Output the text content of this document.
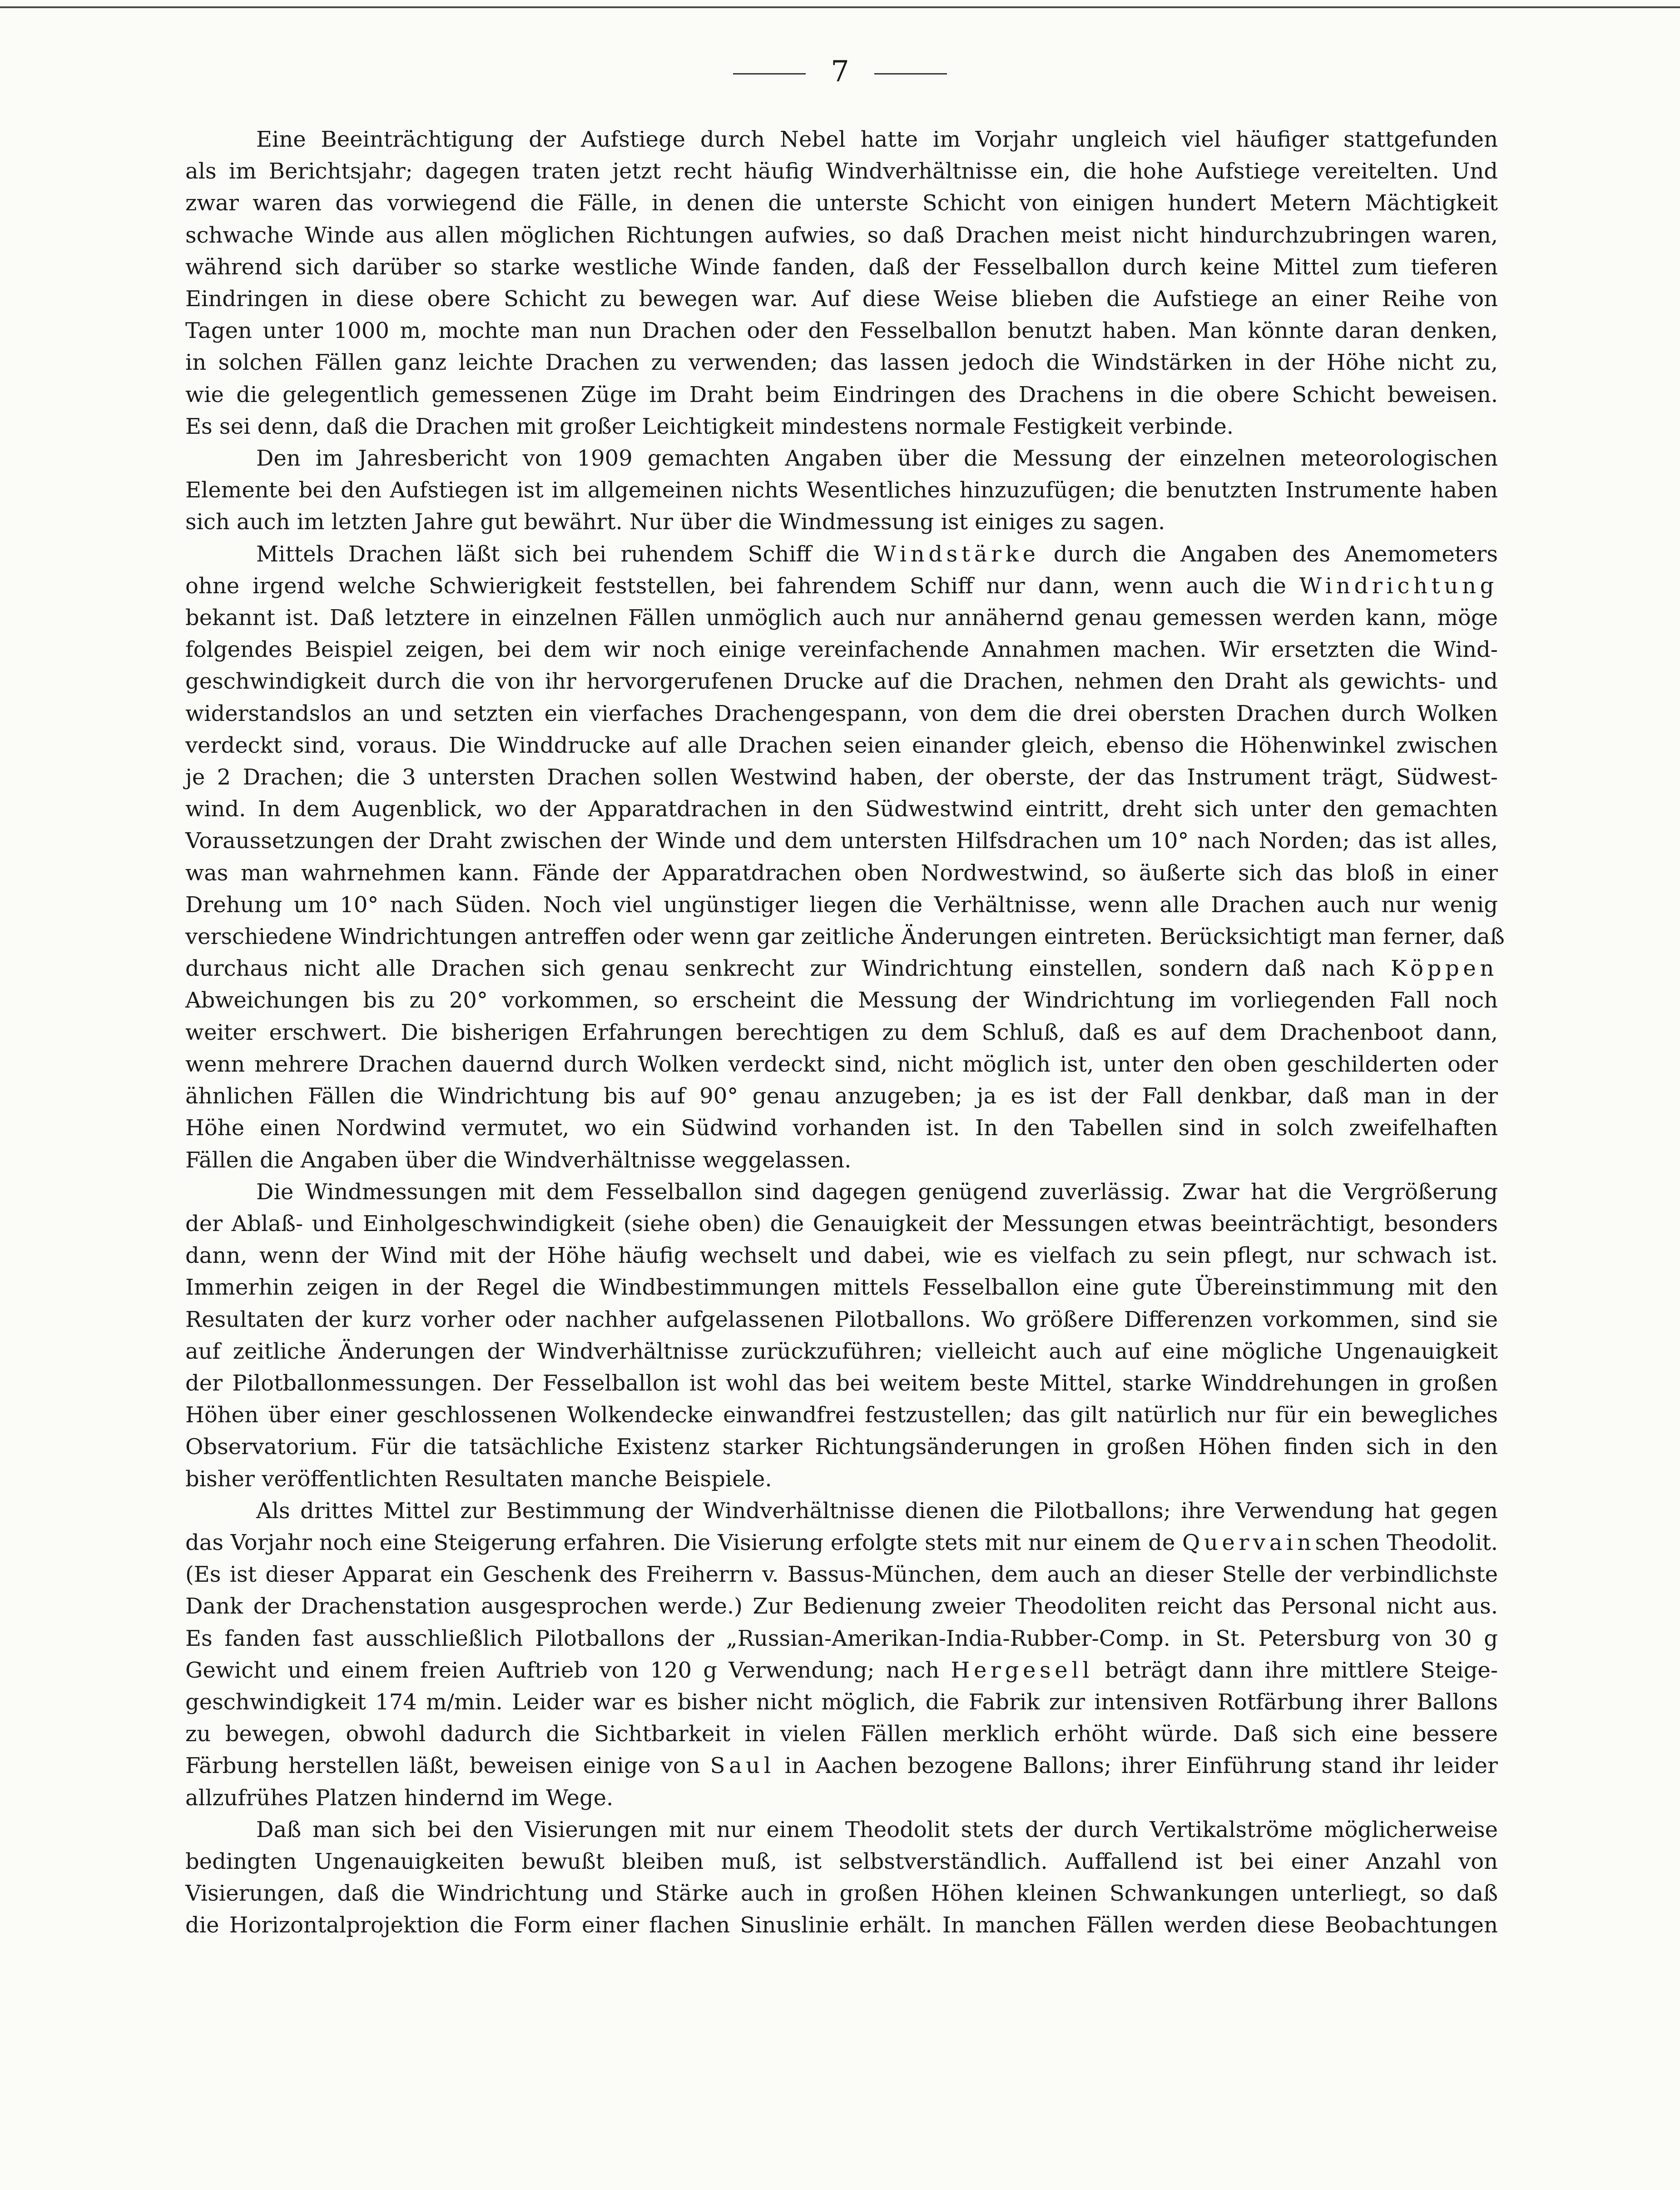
7
Eine Beeinträchtigung der Aufstiege durch Nebel hatte im Vorjahr ungleich viel häufiger stattgefunden
als im Berichtsjahr; dagegen traten jetzt recht häufig Windverhältnisse ein, die hohe Aufstiege vereitelten. Und
zwar waren das vorwiegend die Fälle, in denen die unterste Schicht von einigen hundert Metern Mächtigkeit
schwache Winde aus allen möglichen Richtungen aufwies, so daß Drachen meist nicht hindurchzubringen waren,
während sich darüber so starke westliche Winde fanden, daß der Fesselballon durch keine Mittel zum tieferen
Eindringen in diese obere Schicht zu bewegen war. Auf diese Weise blieben die Aufstiege an einer Reihe von
Tagen unter 1000 m, mochte man nun Drachen oder den Fesselballon benutzt haben. Man könnte daran denken,
in solchen Fällen ganz leichte Drachen zu verwenden; das lassen jedoch die Windstärken in der Höhe nicht zu,
wie die gelegentlich gemessenen Züge im Draht beim Eindringen des Drachens in die obere Schicht beweisen.
Es sei denn, daß die Drachen mit großer Leichtigkeit mindestens normale Festigkeit verbinde.
Den im Jahresbericht von 1909 gemachten Angaben über die Messung der einzelnen meteorologischen
Elemente bei den Aufstiegen ist im allgemeinen nichts Wesentliches hinzuzufügen; die benutzten Instrumente haben
sich auch im letzten Jahre gut bewährt. Nur über die Windmessung ist einiges zu sagen.
Mittels Drachen läßt sich bei ruhendem Schiff die Windstärke durch die Angaben des Anemometers
ohne irgend welche Schwierigkeit feststellen, bei fahrendem Schiff nur dann, wenn auch die Windrichtung
bekannt ist. Daß letztere in einzelnen Fällen unmöglich auch nur annähernd genau gemessen werden kann, möge
folgendes Beispiel zeigen, bei dem wir noch einige vereinfachende Annahmen machen. Wir ersetzten die Wind-
geschwindigkeit durch die von ihr hervorgerufenen Drucke auf die Drachen, nehmen den Draht als gewichts- und
widerstandslos an und setzten ein vierfaches Drachengespann, von dem die drei obersten Drachen durch Wolken
verdeckt sind, voraus. Die Winddrucke auf alle Drachen seien einander gleich, ebenso die Höhenwinkel zwischen
je 2 Drachen; die 3 untersten Drachen sollen Westwind haben, der oberste, der das Instrument trägt, Südwest-
wind. In dem Augenblick, wo der Apparatdrachen in den Südwestwind eintritt, dreht sich unter den gemachten
Voraussetzungen der Draht zwischen der Winde und dem untersten Hilfsdrachen um 10° nach Norden; das ist alles,
was man wahrnehmen kann. Fände der Apparatdrachen oben Nordwestwind, so äußerte sich das bloß in einer
Drehung um 10° nach Süden. Noch viel ungünstiger liegen die Verhältnisse, wenn alle Drachen auch nur wenig
verschiedene Windrichtungen antreffen oder wenn gar zeitliche Änderungen eintreten. Berücksichtigt man ferner, daß
durchaus nicht alle Drachen sich genau senkrecht zur Windrichtung einstellen, sondern daß nach Köppen
Abweichungen bis zu 20° vorkommen, so erscheint die Messung der Windrichtung im vorliegenden Fall noch
weiter erschwert. Die bisherigen Erfahrungen berechtigen zu dem Schluß, daß es auf dem Drachenboot dann,
wenn mehrere Drachen dauernd durch Wolken verdeckt sind, nicht möglich ist, unter den oben geschilderten oder
ähnlichen Fällen die Windrichtung bis auf 90° genau anzugeben; ja es ist der Fall denkbar, daß man in der
Höhe einen Nordwind vermutet, wo ein Südwind vorhanden ist. In den Tabellen sind in solch zweifelhaften
Fällen die Angaben über die Windverhältnisse weggelassen.
Die Windmessungen mit dem Fesselballon sind dagegen genügend zuverlässig. Zwar hat die Vergrößerung
der Ablaß- und Einholgeschwindigkeit (siehe oben) die Genauigkeit der Messungen etwas beeinträchtigt, besonders
dann, wenn der Wind mit der Höhe häufig wechselt und dabei, wie es vielfach zu sein pflegt, nur schwach ist.
Immerhin zeigen in der Regel die Windbestimmungen mittels Fesselballon eine gute Übereinstimmung mit den
Resultaten der kurz vorher oder nachher aufgelassenen Pilotballons. Wo größere Differenzen vorkommen, sind sie
auf zeitliche Änderungen der Windverhältnisse zurückzuführen; vielleicht auch auf eine mögliche Ungenauigkeit
der Pilotballonmessungen. Der Fesselballon ist wohl das bei weitem beste Mittel, starke Winddrehungen in großen
Höhen über einer geschlossenen Wolkendecke einwandfrei festzustellen; das gilt natürlich nur für ein bewegliches
Observatorium. Für die tatsächliche Existenz starker Richtungsänderungen in großen Höhen finden sich in den
bisher veröffentlichten Resultaten manche Beispiele.
Als drittes Mittel zur Bestimmung der Windverhältnisse dienen die Pilotballons; ihre Verwendung hat gegen
das Vorjahr noch eine Steigerung erfahren. Die Visierung erfolgte stets mit nur einem de Quervainschen Theodolit.
(Es ist dieser Apparat ein Geschenk des Freiherrn v. Bassus-München, dem auch an dieser Stelle der verbindlichste
Dank der Drachenstation ausgesprochen werde.) Zur Bedienung zweier Theodoliten reicht das Personal nicht aus.
Es fanden fast ausschließlich Pilotballons der „Russian-Amerikan-India-Rubber-Comp. in St. Petersburg von 30 g
Gewicht und einem freien Auftrieb von 120 g Verwendung; nach Hergesell beträgt dann ihre mittlere Steige-
geschwindigkeit 174 m/min. Leider war es bisher nicht möglich, die Fabrik zur intensiven Rotfärbung ihrer Ballons
zu bewegen, obwohl dadurch die Sichtbarkeit in vielen Fällen merklich erhöht würde. Daß sich eine bessere
Färbung herstellen läßt, beweisen einige von Saul in Aachen bezogene Ballons; ihrer Einführung stand ihr leider
allzufrühes Platzen hindernd im Wege.
Daß man sich bei den Visierungen mit nur einem Theodolit stets der durch Vertikalströme möglicherweise
bedingten Ungenauigkeiten bewußt bleiben muß, ist selbstverständlich. Auffallend ist bei einer Anzahl von
Visierungen, daß die Windrichtung und Stärke auch in großen Höhen kleinen Schwankungen unterliegt, so daß
die Horizontalprojektion die Form einer flachen Sinuslinie erhält. In manchen Fällen werden diese Beobachtungen
